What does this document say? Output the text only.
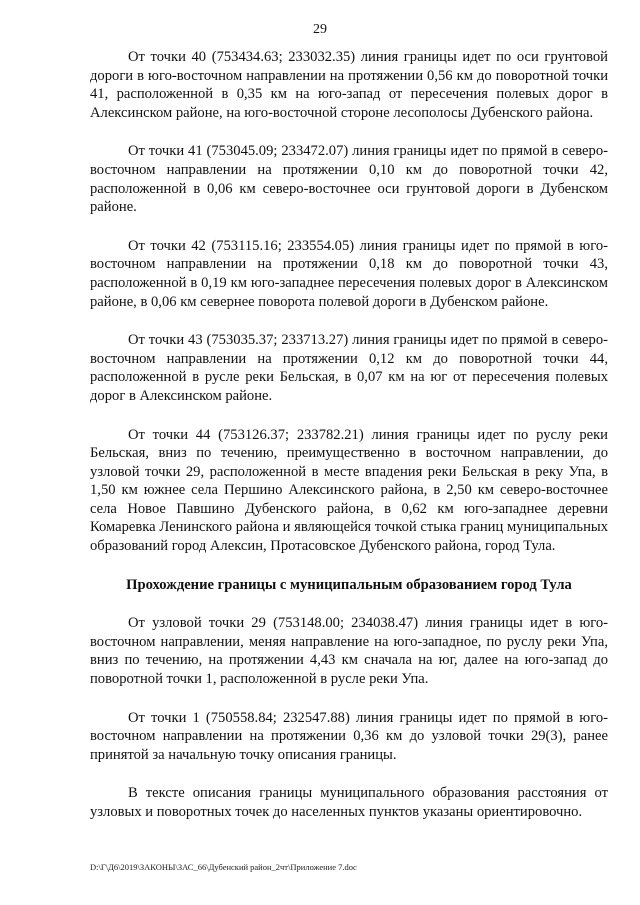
29

От точки 40 (753434.63; 233032.35) линия границы идет по оси грунтовой дороги в юго-восточном направлении на протяжении 0,56 км до поворотной точки 41, расположенной в 0,35 км на юго-запад от пересечения полевых дорог в Алексинском районе, на юго-восточной стороне лесополосы Дубенского района.

От точки 41 (753045.09; 233472.07) линия границы идет по прямой в северо-восточном направлении на протяжении 0,10 км до поворотной точки 42, расположенной в 0,06 км северо-восточнее оси грунтовой дороги в Дубенском районе.

От точки 42 (753115.16; 233554.05) линия границы идет по прямой в юго-восточном направлении на протяжении 0,18 км до поворотной точки 43, расположенной в 0,19 км юго-западнее пересечения полевых дорог в Алексинском районе, в 0,06 км севернее поворота полевой дороги в Дубенском районе.

От точки 43 (753035.37; 233713.27) линия границы идет по прямой в северо-восточном направлении на протяжении 0,12 км до поворотной точки 44, расположенной в русле реки Бельская, в 0,07 км на юг от пересечения полевых дорог в Алексинском районе.

От точки 44 (753126.37; 233782.21) линия границы идет по руслу реки Бельская, вниз по течению, преимущественно в восточном направлении, до узловой точки 29, расположенной в месте впадения реки Бельская в реку Упа, в 1,50 км южнее села Першино Алексинского района, в 2,50 км северо-восточнее села Новое Павшино Дубенского района, в 0,62 км юго-западнее деревни Комаревка Ленинского района и являющейся точкой стыка границ муниципальных образований город Алексин, Протасовское Дубенского района, город Тула.

Прохождение границы с муниципальным образованием город Тула

От узловой точки 29 (753148.00; 234038.47) линия границы идет в юго-восточном направлении, меняя направление на юго-западное, по руслу реки Упа, вниз по течению, на протяжении 4,43 км сначала на юг, далее на юго-запад до поворотной точки 1, расположенной в русле реки Упа.

От точки 1 (750558.84; 232547.88) линия границы идет по прямой в юго-восточном направлении на протяжении 0,36 км до узловой точки 29(3), ранее принятой за начальную точку описания границы.

В тексте описания границы муниципального образования расстояния от узловых и поворотных точек до населенных пунктов указаны ориентировочно.

D:\Г\Д6\2019\ЗАКОНЫ\ЗАС_66\Дубенский район_2чт\Приложение 7.doc
